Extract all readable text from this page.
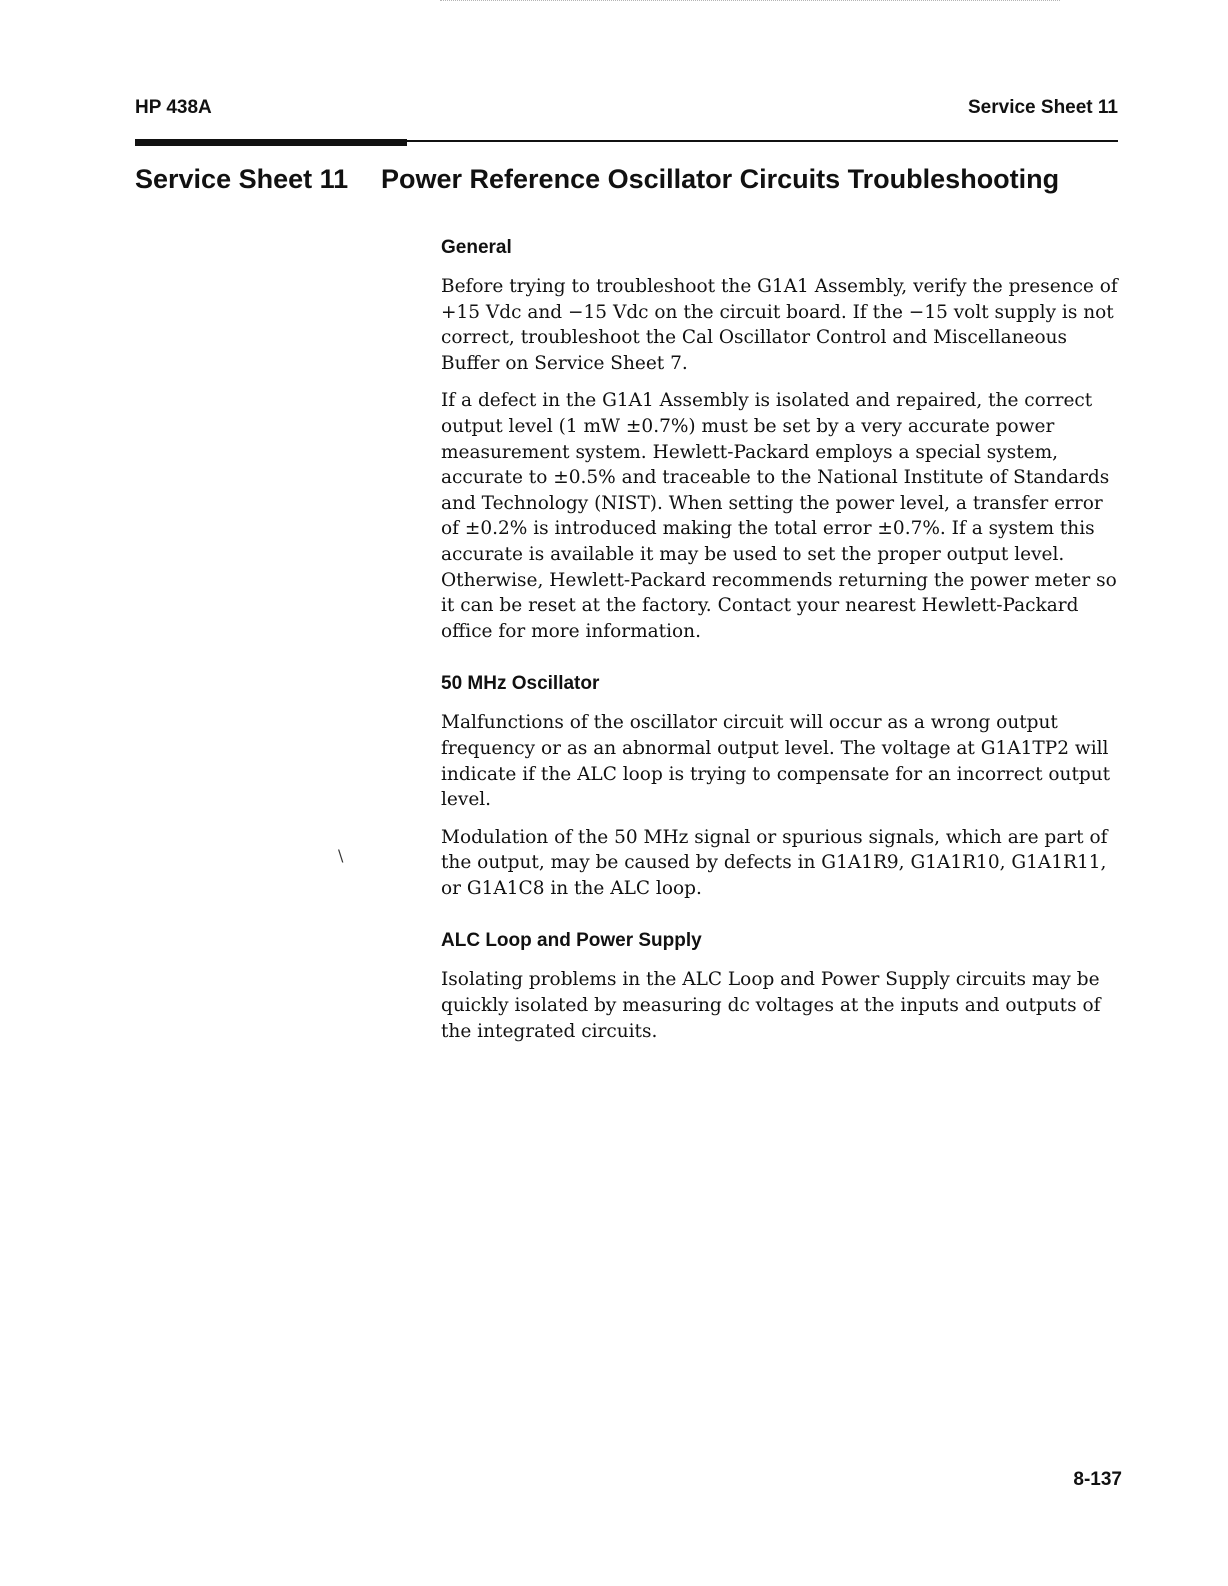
HP 438A	Service Sheet 11
Service Sheet 11 Power Reference Oscillator Circuits Troubleshooting
General

Before trying to troubleshoot the G1A1 Assembly, verify the presence of +15 Vdc and −15 Vdc on the circuit board. If the −15 volt supply is not correct, troubleshoot the Cal Oscillator Control and Miscellaneous Buffer on Service Sheet 7.

If a defect in the G1A1 Assembly is isolated and repaired, the correct output level (1 mW ±0.7%) must be set by a very accurate power measurement system. Hewlett-Packard employs a special system, accurate to ±0.5% and traceable to the National Institute of Standards and Technology (NIST). When setting the power level, a transfer error of ±0.2% is introduced making the total error ±0.7%. If a system this accurate is available it may be used to set the proper output level. Otherwise, Hewlett-Packard recommends returning the power meter so it can be reset at the factory. Contact your nearest Hewlett-Packard office for more information.

50 MHz Oscillator

Malfunctions of the oscillator circuit will occur as a wrong output frequency or as an abnormal output level. The voltage at G1A1TP2 will indicate if the ALC loop is trying to compensate for an incorrect output level.

Modulation of the 50 MHz signal or spurious signals, which are part of the output, may be caused by defects in G1A1R9, G1A1R10, G1A1R11, or G1A1C8 in the ALC loop.

ALC Loop and Power Supply

Isolating problems in the ALC Loop and Power Supply circuits may be quickly isolated by measuring dc voltages at the inputs and outputs of the integrated circuits.

\
8-137
